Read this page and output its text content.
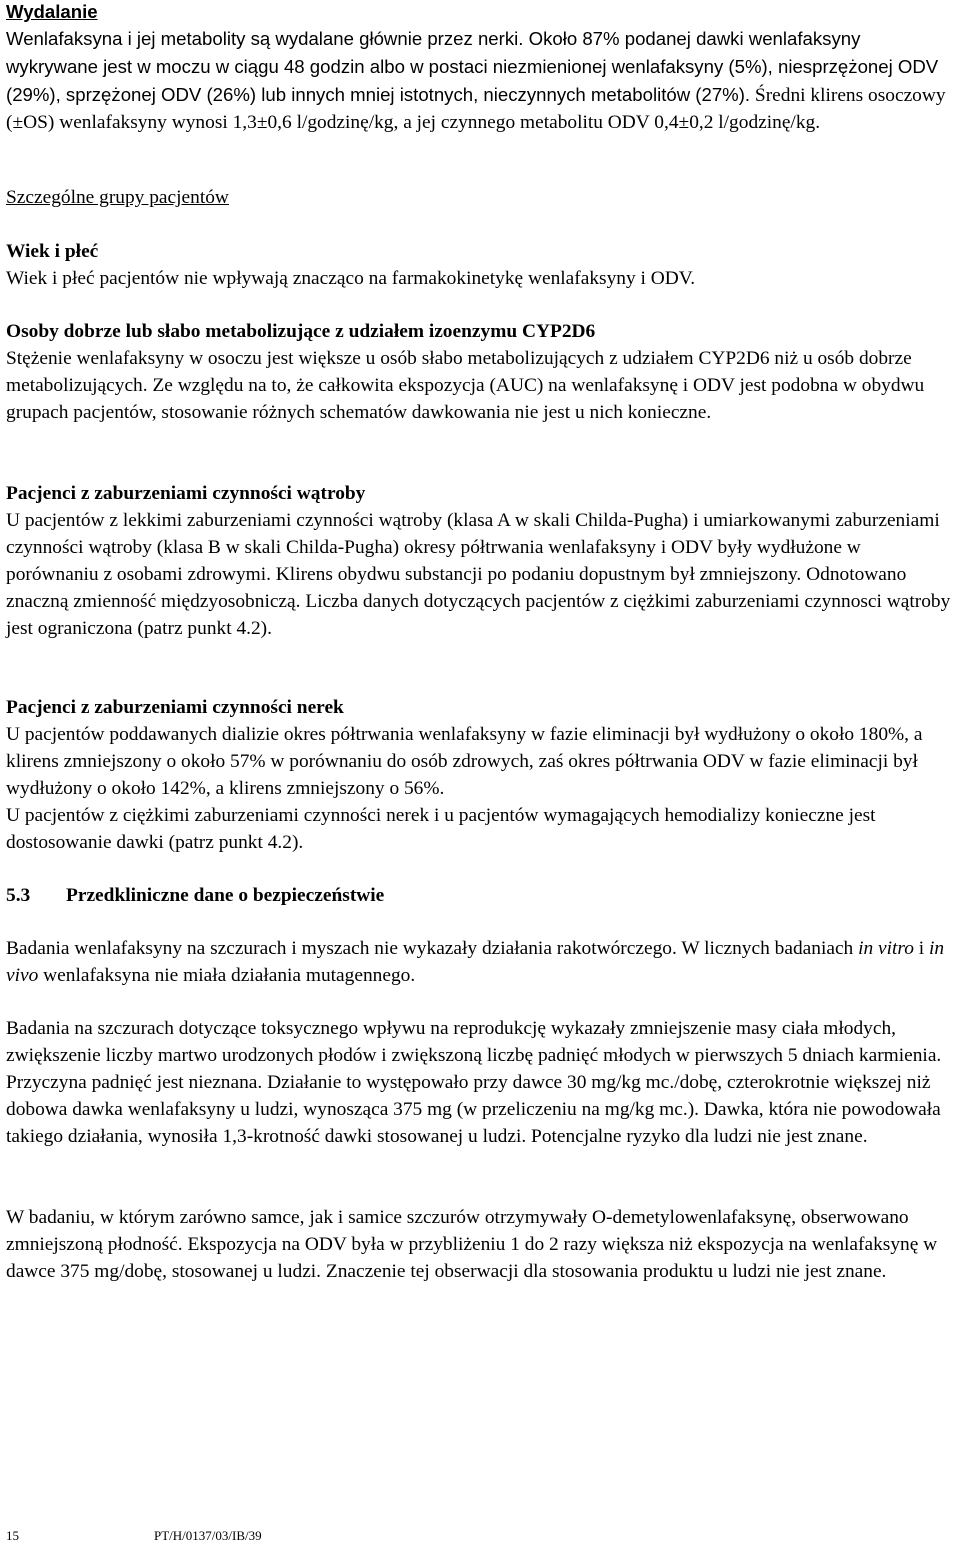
Wydalanie

Wenlafaksyna i jej metabolity są wydalane głównie przez nerki. Około 87% podanej dawki wenlafaksyny wykrywane jest w moczu w ciągu 48 godzin albo w postaci niezmienionej wenlafaksyny (5%), niesprzężonej ODV (29%), sprzężonej ODV (26%) lub innych mniej istotnych, nieczynnych metabolitów (27%). Średni klirens osoczowy (±OS) wenlafaksyny wynosi 1,3±0,6 l/godzinę/kg, a jej czynnego metabolitu ODV 0,4±0,2 l/godzinę/kg.

Szczególne grupy pacjentów

Wiek i płeć

Wiek i płeć pacjentów nie wpływają znacząco na farmakokinetykę wenlafaksyny i ODV.

Osoby dobrze lub słabo metabolizujące z udziałem izoenzymu CYP2D6

Stężenie wenlafaksyny w osoczu jest większe u osób słabo metabolizujących z udziałem CYP2D6 niż u osób dobrze metabolizujących. Ze względu na to, że całkowita ekspozycja (AUC) na wenlafaksynę i ODV jest podobna w obydwu grupach pacjentów, stosowanie różnych schematów dawkowania nie jest u nich konieczne.

Pacjenci z zaburzeniami czynności wątroby

U pacjentów z lekkimi zaburzeniami czynności wątroby (klasa A w skali Childa-Pugha) i umiarkowanymi zaburzeniami czynności wątroby (klasa B w skali Childa-Pugha) okresy półtrwania wenlafaksyny i ODV były wydłużone w porównaniu z osobami zdrowymi. Klirens obydwu substancji po podaniu dopustnym był zmniejszony. Odnotowano znaczną zmienność międzyosobniczą. Liczba danych dotyczących pacjentów z ciężkimi zaburzeniami czynnosci wątroby jest ograniczona (patrz punkt 4.2).

Pacjenci z zaburzeniami czynności nerek

U pacjentów poddawanych dializie okres półtrwania wenlafaksyny w fazie eliminacji był wydłużony o około 180%, a klirens zmniejszony o około 57% w porównaniu do osób zdrowych, zaś okres półtrwania ODV w fazie eliminacji był wydłużony o około 142%, a klirens zmniejszony o 56%.

U pacjentów z ciężkimi zaburzeniami czynności nerek i u pacjentów wymagających hemodializy konieczne jest dostosowanie dawki (patrz punkt 4.2).

5.3 Przedkliniczne dane o bezpieczeństwie

Badania wenlafaksyny na szczurach i myszach nie wykazały działania rakotwórczego. W licznych badaniach in vitro i in vivo wenlafaksyna nie miała działania mutagennego.

Badania na szczurach dotyczące toksycznego wpływu na reprodukcję wykazały zmniejszenie masy ciała młodych, zwiększenie liczby martwo urodzonych płodów i zwiększoną liczbę padnięć młodych w pierwszych 5 dniach karmienia. Przyczyna padnięć jest nieznana. Działanie to występowało przy dawce 30 mg/kg mc./dobę, czterokrotnie większej niż dobowa dawka wenlafaksyny u ludzi, wynosząca 375 mg (w przeliczeniu na mg/kg mc.). Dawka, która nie powodowała takiego działania, wynosiła 1,3-krotność dawki stosowanej u ludzi. Potencjalne ryzyko dla ludzi nie jest znane.

W badaniu, w którym zarówno samce, jak i samice szczurów otrzymywały O-demetylowenlafaksynę, obserwowano zmniejszoną płodność. Ekspozycja na ODV była w przybliżeniu 1 do 2 razy większa niż ekspozycja na wenlafaksynę w dawce 375 mg/dobę, stosowanej u ludzi. Znaczenie tej obserwacji dla stosowania produktu u ludzi nie jest znane.

15	PT/H/0137/03/IB/39
